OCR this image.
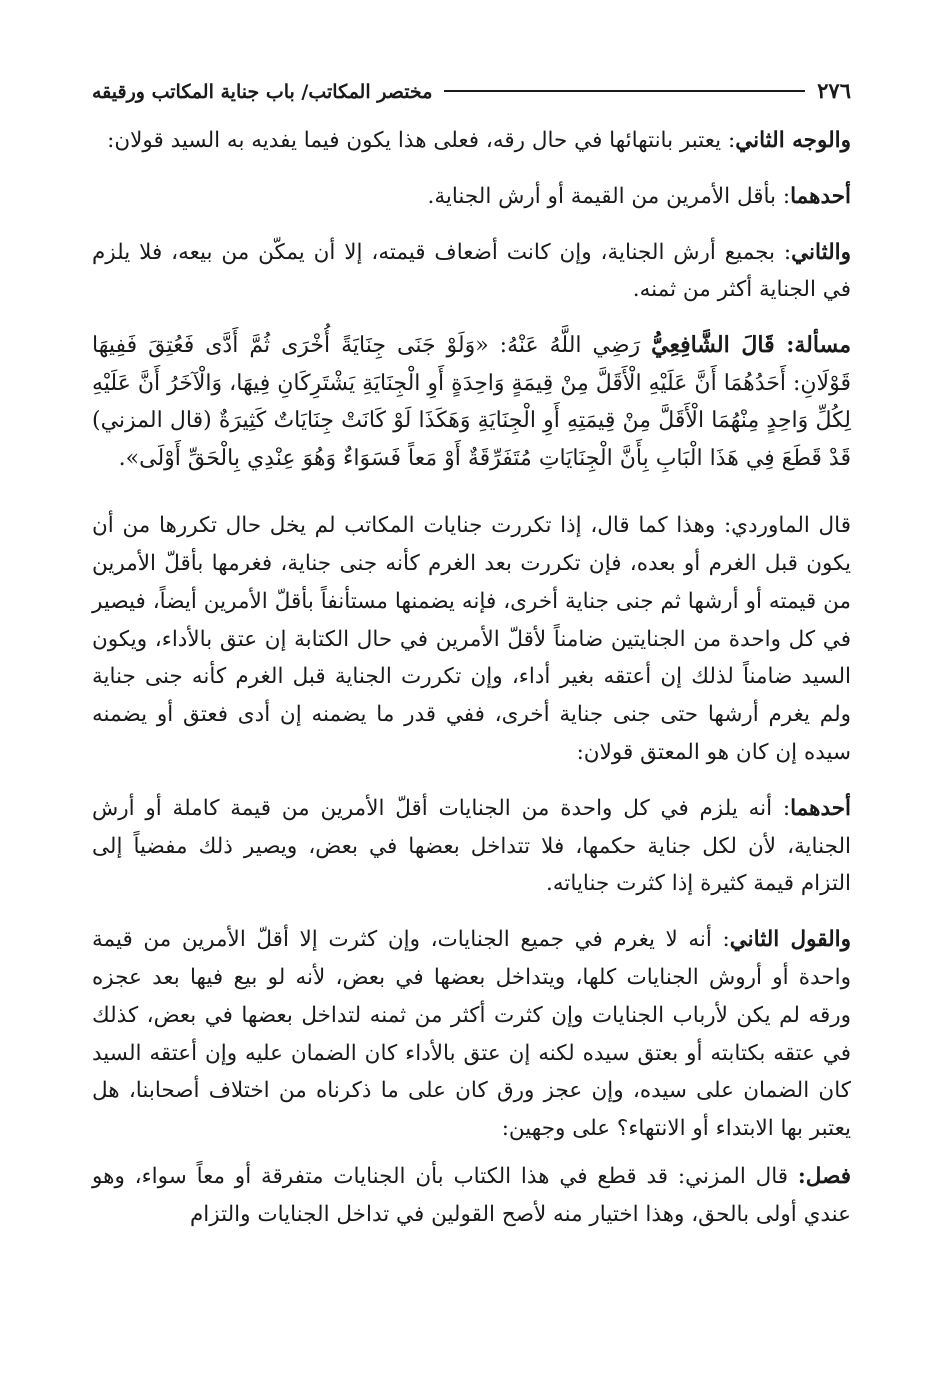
٢٧٦
مختصر المكاتب/ باب جناية المكاتب ورقيقه

والوجه الثاني: يعتبر بانتهائها في حال رقه، فعلى هذا يكون فيما يفديه به السيد قولان:

أحدهما: بأقل الأمرين من القيمة أو أرش الجناية.

والثاني: بجميع أرش الجناية، وإن كانت أضعاف قيمته، إلا أن يمكّن من بيعه، فلا يلزم في الجناية أكثر من ثمنه.

مسألة: قَالَ الشَّافِعِيُّ رَضِي اللَّهُ عَنْهُ: «وَلَوْ جَنَى جِنَايَةً أُخْرَى ثُمَّ أَدَّى فَعُتِقَ فَفِيهَا قَوْلَانِ: أَحَدُهُمَا أَنَّ عَلَيْهِ الْأَقَلَّ مِنْ قِيمَةٍ وَاحِدَةٍ أَوِ الْجِنَايَةِ يَشْتَرِكَانِ فِيهَا، وَالْآخَرُ أَنَّ عَلَيْهِ لِكُلِّ وَاحِدٍ مِنْهُمَا الْأَقَلَّ مِنْ قِيمَتِهِ أَوِ الْجِنَايَةِ وَهَكَذَا لَوْ كَانَتْ جِنَايَاتٌ كَثِيرَةٌ (قال المزني) قَدْ قَطَعَ فِي هَذَا الْبَابِ بِأَنَّ الْجِنَايَاتِ مُتَفَرِّقَةٌ أَوْ مَعاً فَسَوَاءٌ وَهُوَ عِنْدِي بِالْحَقِّ أَوْلَى».

قال الماوردي: وهذا كما قال، إذا تكررت جنايات المكاتب لم يخل حال تكررها من أن يكون قبل الغرم أو بعده، فإن تكررت بعد الغرم كأنه جنى جناية، فغرمها بأقلّ الأمرين من قيمته أو أرشها ثم جنى جناية أخرى، فإنه يضمنها مستأنفاً بأقلّ الأمرين أيضاً، فيصير في كل واحدة من الجنايتين ضامناً لأقلّ الأمرين في حال الكتابة إن عتق بالأداء، ويكون السيد ضامناً لذلك إن أعتقه بغير أداء، وإن تكررت الجناية قبل الغرم كأنه جنى جناية ولم يغرم أرشها حتى جنى جناية أخرى، ففي قدر ما يضمنه إن أدى فعتق أو يضمنه سيده إن كان هو المعتق قولان:

أحدهما: أنه يلزم في كل واحدة من الجنايات أقلّ الأمرين من قيمة كاملة أو أرش الجناية، لأن لكل جناية حكمها، فلا تتداخل بعضها في بعض، ويصير ذلك مفضياً إلى التزام قيمة كثيرة إذا كثرت جناياته.

والقول الثاني: أنه لا يغرم في جميع الجنايات، وإن كثرت إلا أقلّ الأمرين من قيمة واحدة أو أروش الجنايات كلها، ويتداخل بعضها في بعض، لأنه لو بيع فيها بعد عجزه ورقه لم يكن لأرباب الجنايات وإن كثرت أكثر من ثمنه لتداخل بعضها في بعض، كذلك في عتقه بكتابته أو بعتق سيده لكنه إن عتق بالأداء كان الضمان عليه وإن أعتقه السيد كان الضمان على سيده، وإن عجز ورق كان على ما ذكرناه من اختلاف أصحابنا، هل يعتبر بها الابتداء أو الانتهاء؟ على وجهين:

فصل: قال المزني: قد قطع في هذا الكتاب بأن الجنايات متفرقة أو معاً سواء، وهو عندي أولى بالحق، وهذا اختيار منه لأصح القولين في تداخل الجنايات والتزام
